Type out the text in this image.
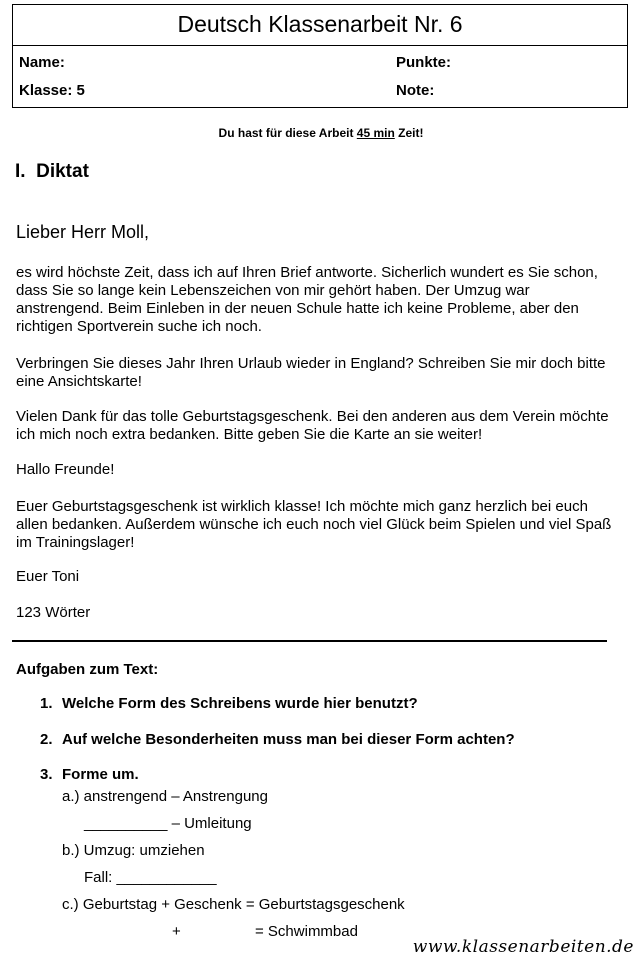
Deutsch Klassenarbeit Nr. 6
Name:	Punkte:
Klasse: 5	Note:
Du hast für diese Arbeit 45 min Zeit!
I.  Diktat
Lieber Herr Moll,
es wird höchste Zeit, dass ich auf Ihren Brief antworte. Sicherlich wundert es Sie schon, dass Sie so lange kein Lebenszeichen von mir gehört haben. Der Umzug war anstrengend. Beim Einleben in der neuen Schule hatte ich keine Probleme, aber den richtigen Sportverein suche ich noch.
Verbringen Sie dieses Jahr Ihren Urlaub wieder in England? Schreiben Sie mir doch bitte eine Ansichtskarte!
Vielen Dank für das tolle Geburtstagsgeschenk. Bei den anderen aus dem Verein möchte ich mich noch extra bedanken. Bitte geben Sie die Karte an sie weiter!
Hallo Freunde!
Euer Geburtstagsgeschenk ist wirklich klasse! Ich möchte mich ganz herzlich bei euch allen bedanken. Außerdem wünsche ich euch noch viel Glück beim Spielen und viel Spaß im Trainingslager!
Euer Toni
123 Wörter
Aufgaben zum Text:
1. Welche Form des Schreibens wurde hier benutzt?
2. Auf welche Besonderheiten muss man bei dieser Form achten?
3. Forme um.
a.) anstrengend – Anstrengung
__________ – Umleitung
b.) Umzug: umziehen
Fall: ____________
c.) Geburtstag + Geschenk = Geburtstagsgeschenk
+	= Schwimmbad
www.klassenarbeiten.de
